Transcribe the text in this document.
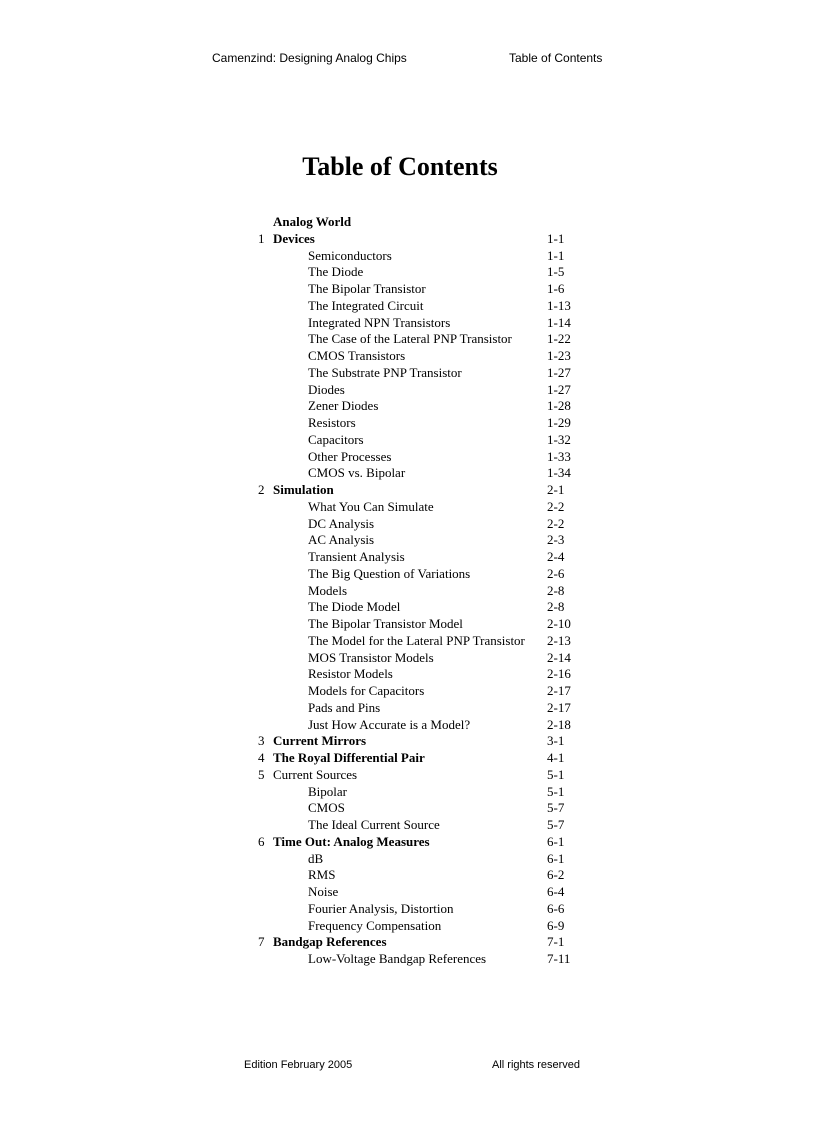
Camenzind: Designing Analog Chips	Table of Contents
Table of Contents
Analog World
1 Devices	1-1
Semiconductors	1-1
The Diode	1-5
The Bipolar Transistor	1-6
The Integrated Circuit	1-13
Integrated NPN Transistors	1-14
The Case of the Lateral PNP Transistor	1-22
CMOS Transistors	1-23
The Substrate PNP Transistor	1-27
Diodes	1-27
Zener Diodes	1-28
Resistors	1-29
Capacitors	1-32
Other Processes	1-33
CMOS vs. Bipolar	1-34
2 Simulation	2-1
What You Can Simulate	2-2
DC Analysis	2-2
AC Analysis	2-3
Transient Analysis	2-4
The Big Question of Variations	2-6
Models	2-8
The Diode Model	2-8
The Bipolar Transistor Model	2-10
The Model for the Lateral PNP Transistor 2-13
MOS Transistor Models	2-14
Resistor Models	2-16
Models for Capacitors	2-17
Pads and Pins	2-17
Just How Accurate is a Model?	2-18
3 Current Mirrors	3-1
4 The Royal Differential Pair	4-1
5 Current Sources	5-1
Bipolar	5-1
CMOS	5-7
The Ideal Current Source	5-7
6 Time Out: Analog Measures	6-1
dB	6-1
RMS	6-2
Noise	6-4
Fourier Analysis, Distortion	6-6
Frequency Compensation	6-9
7 Bandgap References	7-1
Low-Voltage Bandgap References	7-11
Edition February 2005	All rights reserved
